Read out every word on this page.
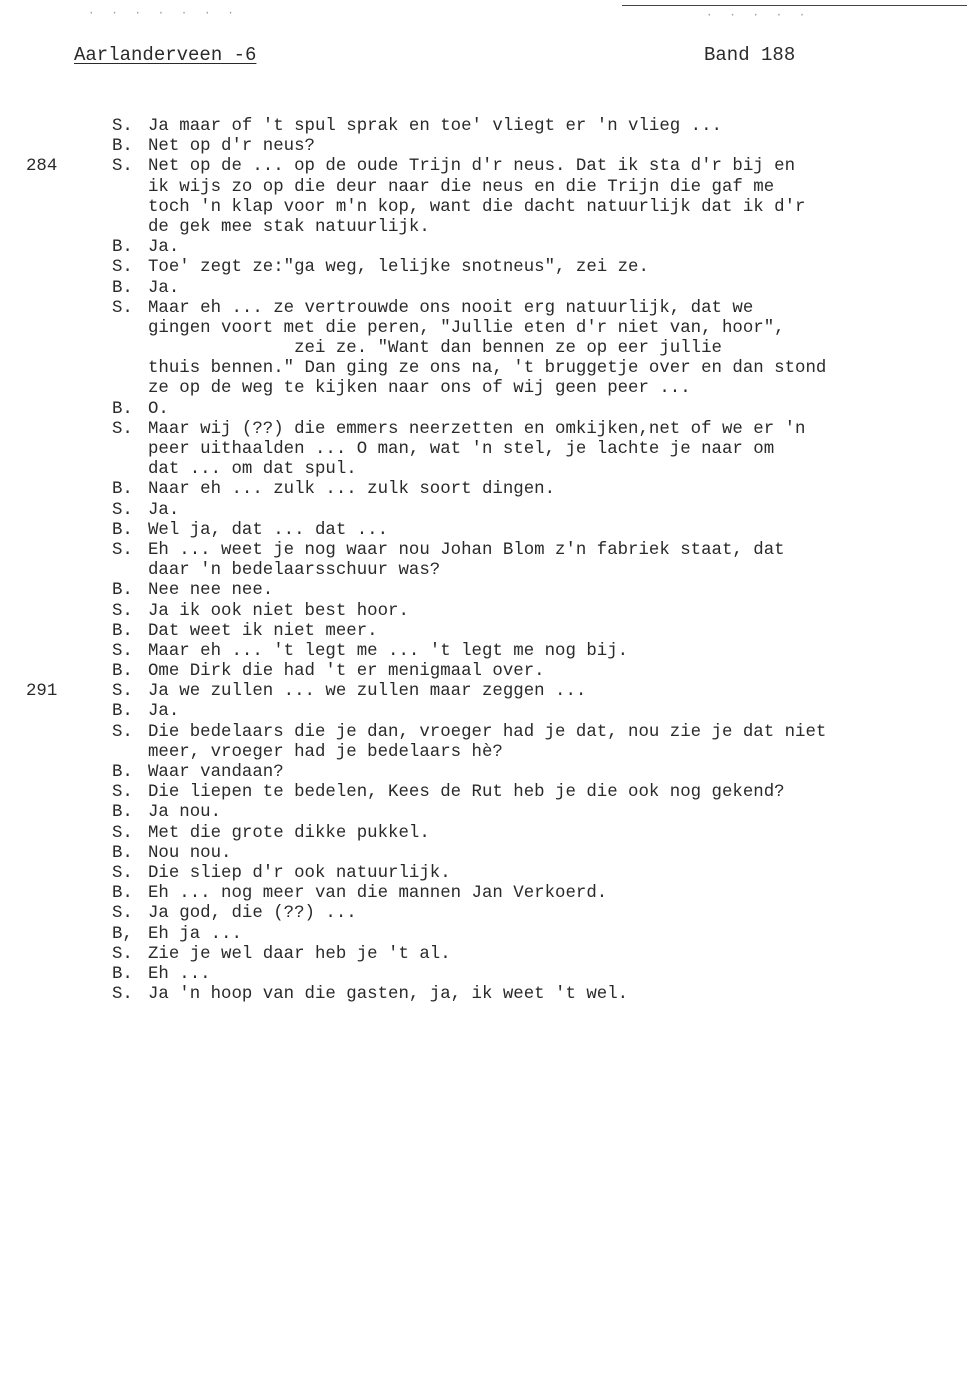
· · · · · · ·	· · · · ·
Aarlanderveen -6	Band 188
S. Ja maar of 't spul sprak en toe' vliegt er 'n vlieg ...
B. Net op d'r neus?
284	S. Net op de ... op de oude Trijn d'r neus. Dat ik sta d'r bij en
ik wijs zo op die deur naar die neus en die Trijn die gaf me
toch 'n klap voor m'n kop, want die dacht natuurlijk dat ik d'r
de gek mee stak natuurlijk.
B. Ja.
S. Toe' zegt ze:"ga weg, lelijke snotneus", zei ze.
B. Ja.
S. Maar eh ... ze vertrouwde ons nooit erg natuurlijk, dat we
gingen voort met die peren, "Jullie eten d'r niet van, hoor",
zei ze. "Want dan bennen ze op eer jullie
thuis bennen." Dan ging ze ons na, 't bruggetje over en dan stond
ze op de weg te kijken naar ons of wij geen peer ...
B. O.
S. Maar wij (??) die emmers neerzetten en omkijken,net of we er 'n
peer uithaalden ... O man, wat 'n stel, je lachte je naar om
dat ... om dat spul.
B. Naar eh ... zulk ... zulk soort dingen.
S. Ja.
B. Wel ja, dat ... dat ...
S. Eh ... weet je nog waar nou Johan Blom z'n fabriek staat, dat
daar 'n bedelaarsschuur was?
B. Nee nee nee.
S. Ja ik ook niet best hoor.
B. Dat weet ik niet meer.
S. Maar eh ... 't legt me ... 't legt me nog bij.
B. Ome Dirk die had 't er menigmaal over.
291	S. Ja we zullen ... we zullen maar zeggen ...
B. Ja.
S. Die bedelaars die je dan, vroeger had je dat, nou zie je dat niet
meer, vroeger had je bedelaars hè?
B. Waar vandaan?
S. Die liepen te bedelen, Kees de Rut heb je die ook nog gekend?
B. Ja nou.
S. Met die grote dikke pukkel.
B. Nou nou.
S. Die sliep d'r ook natuurlijk.
B. Eh ... nog meer van die mannen Jan Verkoerd.
S. Ja god, die (??) ...
B, Eh ja ...
S. Zie je wel daar heb je 't al.
B. Eh ...
S. Ja 'n hoop van die gasten, ja, ik weet 't wel.
